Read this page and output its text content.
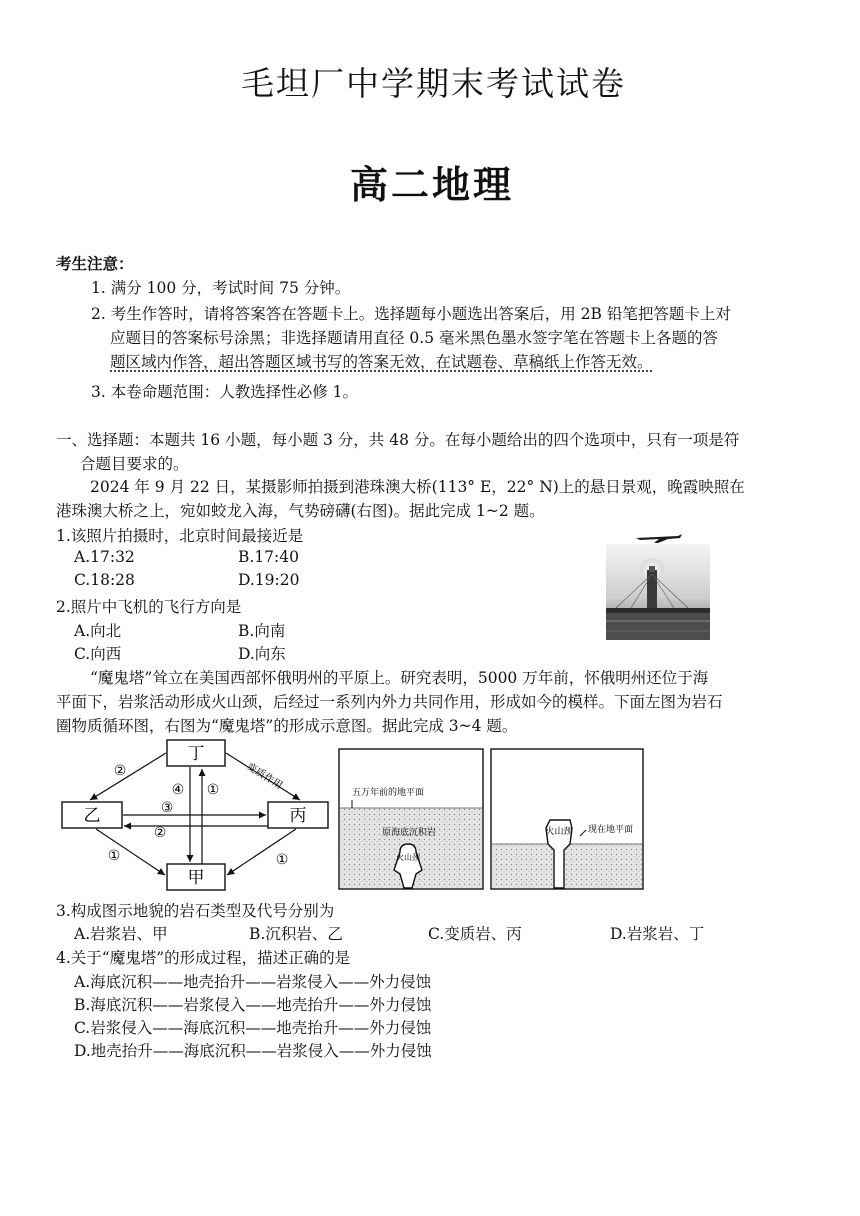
毛坦厂中学期末考试试卷
高二地理
考生注意：
1. 满分 100 分，考试时间 75 分钟。
2. 考生作答时，请将答案答在答题卡上。选择题每小题选出答案后，用 2B 铅笔把答题卡上对
应题目的答案标号涂黑；非选择题请用直径 0.5 毫米黑色墨水签字笔在答题卡上各题的答
题区域内作答，超出答题区域书写的答案无效，在试题卷、草稿纸上作答无效。
3. 本卷命题范围：人教选择性必修 1。
一、选择题：本题共 16 小题，每小题 3 分，共 48 分。在每小题给出的四个选项中，只有一项是符
合题目要求的。
2024 年 9 月 22 日，某摄影师拍摄到港珠澳大桥(113° E，22° N)上的悬日景观，晚霞映照在
港珠澳大桥之上，宛如蛟龙入海，气势磅礴(右图)。据此完成 1~2 题。
1.该照片拍摄时，北京时间最接近是
A.17:32	B.17:40
C.18:28	D.19:20
2.照片中飞机的飞行方向是
A.向北	B.向南
C.向西	D.向东
“魔鬼塔”耸立在美国西部怀俄明州的平原上。研究表明，5000 万年前，怀俄明州还位于海
平面下，岩浆活动形成火山颈，后经过一系列内外力共同作用，形成如今的模样。下面左图为岩石
圈物质循环图，右图为“魔鬼塔”的形成示意图。据此完成 3~4 题。
丁
乙	丙
甲
②
③
②
④ ①
①	①
变质作用
五万年前的地平面
原海底沉积岩
火山颈
火山颈 现在地平面
3.构成图示地貌的岩石类型及代号分别为
A.岩浆岩、甲	B.沉积岩、乙	C.变质岩、丙	D.岩浆岩、丁
4.关于“魔鬼塔”的形成过程，描述正确的是
A.海底沉积——地壳抬升——岩浆侵入——外力侵蚀
B.海底沉积——岩浆侵入——地壳抬升——外力侵蚀
C.岩浆侵入——海底沉积——地壳抬升——外力侵蚀
D.地壳抬升——海底沉积——岩浆侵入——外力侵蚀
